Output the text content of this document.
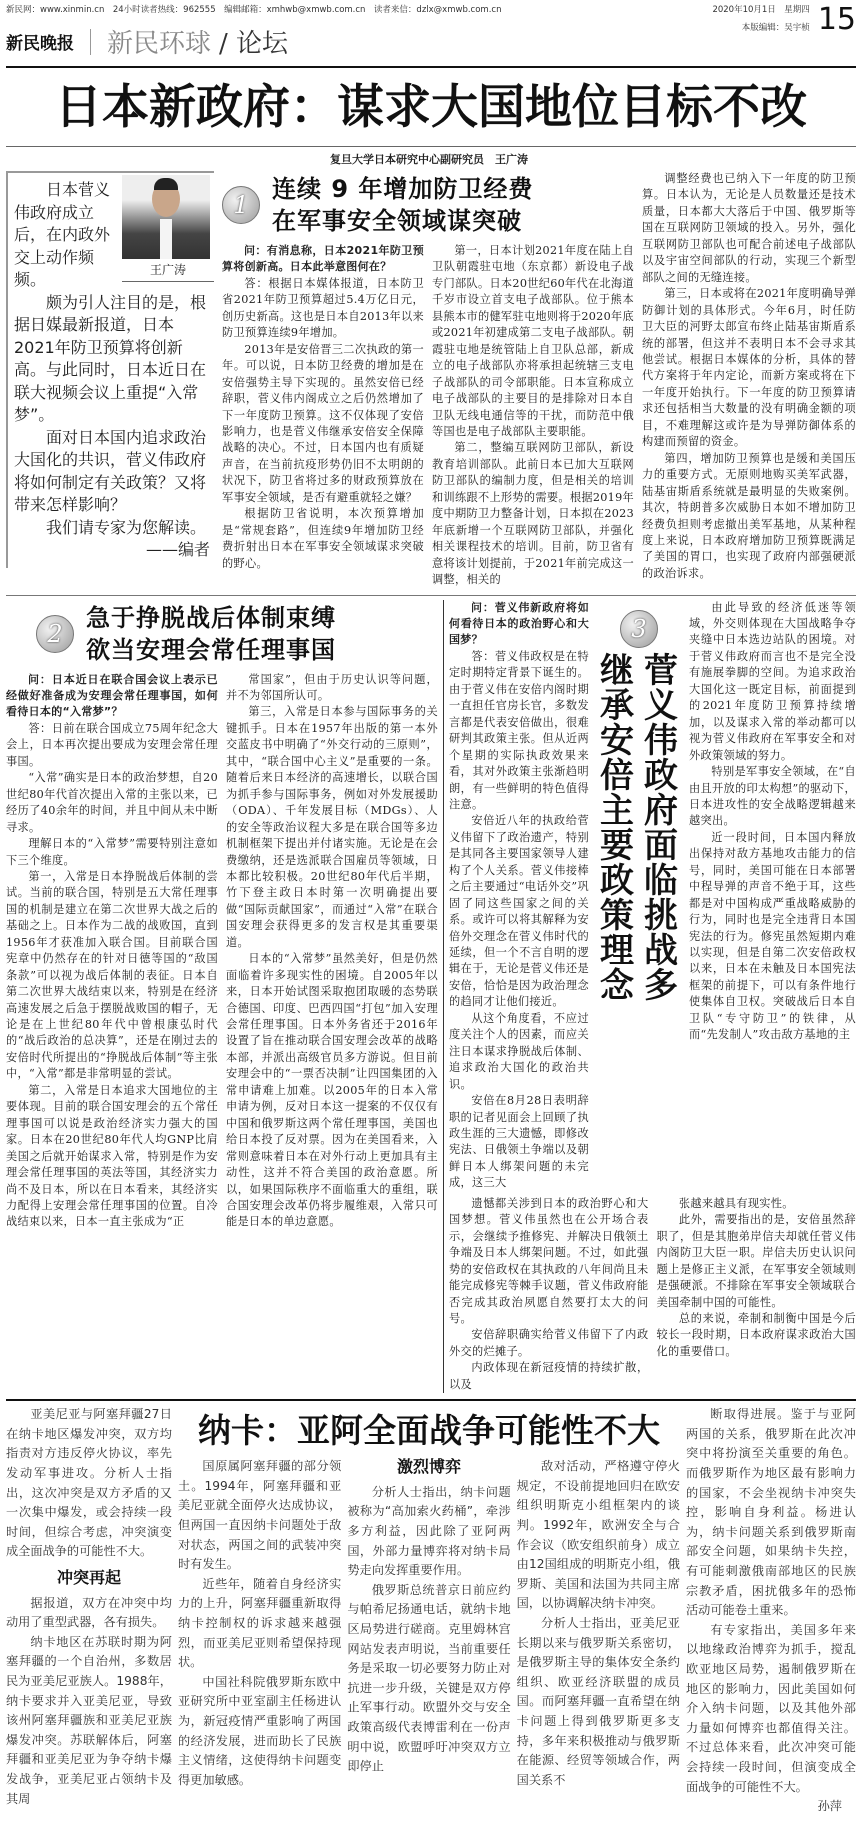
新民网：www.xinmin.cn　24小时读者热线：962555　编辑邮箱：xmhwb@xmwb.com.cn　读者来信：dzlx@xmwb.com.cn	2020年10月1日　星期四
本版编辑：吴宇桢 15
新民晚报 新民环球 / 论坛
日本新政府：谋求大国地位目标不改
复旦大学日本研究中心副研究员　王广涛
王广涛

日本菅义伟政府成立后，在内政外交上动作频频。

颇为引人注目的是，根据日媒最新报道，日本2021年防卫预算将创新高。与此同时，日本近日在联大视频会议上重提“入常梦”。

面对日本国内追求政治大国化的共识，菅义伟政府将如何制定有关政策？又将带来怎样影响？

我们请专家为您解读。

——编者
1
连续 9 年增加防卫经费
在军事安全领域谋突破

问：有消息称，日本2021年防卫预算将创新高。日本此举意图何在？

答：根据日本媒体报道，日本防卫省2021年防卫预算超过5.4万亿日元，创历史新高。这也是日本自2013年以来防卫预算连续9年增加。

2013年是安倍晋三二次执政的第一年。可以说，日本防卫经费的增加是在安倍强势主导下实现的。虽然安倍已经辞职，菅义伟内阁成立之后仍然增加了下一年度防卫预算。这不仅体现了安倍影响力，也是菅义伟继承安倍安全保障战略的决心。不过，日本国内也有质疑声音，在当前抗疫形势仍旧不太明朗的状况下，防卫省将过多的财政预算放在军事安全领域，是否有避重就轻之嫌？

根据防卫省说明，本次预算增加是“常规套路”，但连续9年增加防卫经费折射出日本在军事安全领域谋求突破的野心。

第一，日本计划2021年度在陆上自卫队朝霞驻屯地（东京都）新设电子战专门部队。日本20世纪60年代在北海道千岁市设立首支电子战部队。位于熊本县熊本市的健军驻屯地则将于2020年底或2021年初建成第二支电子战部队。朝霞驻屯地是统管陆上自卫队总部，新成立的电子战部队亦将承担起统辖三支电子战部队的司令部职能。日本宣称成立电子战部队的主要目的是排除对日本自卫队无线电通信等的干扰，而防范中俄等国也是电子战部队主要职能。

第二，整编互联网防卫部队，新设教育培训部队。此前日本已加大互联网防卫部队的编制力度，但是相关的培训和训练跟不上形势的需要。根据2019年度中期防卫力整备计划，日本拟在2023年底新增一个互联网防卫部队，并强化相关课程技术的培训。目前，防卫省有意将该计划提前，于2021年前完成这一调整，相关的

调整经费也已纳入下一年度的防卫预算。日本认为，无论是人员数量还是技术质量，日本都大大落后于中国、俄罗斯等国在互联网防卫领域的投入。另外，强化互联网防卫部队也可配合前述电子战部队以及宇宙空间部队的行动，实现三个新型部队之间的无缝连接。

第三，日本或将在2021年度明确导弹防御计划的具体形式。今年6月，时任防卫大臣的河野太郎宣布终止陆基宙斯盾系统的部署，但这并不表明日本不会寻求其他尝试。根据日本媒体的分析，具体的替代方案将于年内定论，而新方案或将在下一年度开始执行。下一年度的防卫预算请求还包括相当大数量的没有明确金额的项目，不难理解这或许是为导弹防御体系的构建而预留的资金。

第四，增加防卫预算也是缓和美国压力的重要方式。无原则地购买美军武器，陆基宙斯盾系统就是最明显的失败案例。其次，特朗普多次威胁日本如不增加防卫经费负担则考虑撤出美军基地，从某种程度上来说，日本政府增加防卫预算既满足了美国的胃口，也实现了政府内部强硬派的政治诉求。

2
急于挣脱战后体制束缚
欲当安理会常任理事国

问：日本近日在联合国会议上表示已经做好准备成为安理会常任理事国，如何看待日本的“入常梦”？

答：日前在联合国成立75周年纪念大会上，日本再次提出要成为安理会常任理事国。

“入常”确实是日本的政治梦想，自20世纪80年代首次提出入常的主张以来，已经历了40余年的时间，并且中间从未中断寻求。

理解日本的“入常梦”需要特别注意如下三个维度。

第一，入常是日本挣脱战后体制的尝试。当前的联合国，特别是五大常任理事国的机制是建立在第二次世界大战之后的基础之上。日本作为二战的战败国，直到1956年才获准加入联合国。目前联合国宪章中仍然存在的针对日德等国的“敌国条款”可以视为战后体制的表征。日本自第二次世界大战结束以来，特别是在经济高速发展之后急于摆脱战败国的帽子，无论是在上世纪80年代中曾根康弘时代的“战后政治的总决算”，还是在刚过去的安倍时代所提出的“挣脱战后体制”等主张中，“入常”都是非常明显的尝试。

第二，入常是日本追求大国地位的主要体现。目前的联合国安理会的五个常任理事国可以说是政治经济实力强大的国家。日本在20世纪80年代人均GNP比肩美国之后就开始谋求入常，特别是作为安理会常任理事国的英法等国，其经济实力尚不及日本，所以在日本看来，其经济实力配得上安理会常任理事国的位置。自冷战结束以来，日本一直主张成为“正

常国家”，但由于历史认识等问题，并不为邻国所认可。

第三，入常是日本参与国际事务的关键抓手。日本在1957年出版的第一本外交蓝皮书中明确了“外交行动的三原则”，其中，“联合国中心主义”是重要的一条。随着后来日本经济的高速增长，以联合国为抓手参与国际事务，例如对外发展援助（ODA）、千年发展目标（MDGs）、人的安全等政治议程大多是在联合国等多边机制框架下提出并付诸实施。无论是在会费缴纳，还是选派联合国雇员等领域，日本都比较积极。20世纪80年代后半期，竹下登主政日本时第一次明确提出要做“国际贡献国家”，而通过“入常”在联合国安理会获得更多的发言权是其重要渠道。

日本的“入常梦”虽然美好，但是仍然面临着许多现实性的困境。自2005年以来，日本开始试图采取抱团取暖的态势联合德国、印度、巴西四国“打包”加入安理会常任理事国。日本外务省还于2016年设置了旨在推动联合国安理会改革的战略本部，并派出高级官员多方游说。但目前安理会中的“一票否决制”让四国集团的入常申请难上加难。以2005年的日本入常申请为例，反对日本这一提案的不仅仅有中国和俄罗斯这两个常任理事国，美国也给日本投了反对票。因为在美国看来，入常则意味着日本在对外行动上更加具有主动性，这并不符合美国的政治意愿。所以，如果国际秩序不面临重大的重组，联合国安理会改革仍将步履维艰，入常只可能是日本的单边意愿。

问：菅义伟新政府将如何看待日本的政治野心和大国梦？

答：菅义伟政权是在特定时期特定背景下诞生的。由于菅义伟在安倍内阁时期一直担任官房长官，多数发言都是代表安倍做出，很难研判其政策主张。但从近两个星期的实际执政效果来看，其对外政策主张渐趋明朗，有一些鲜明的特色值得注意。

安倍近八年的执政给菅义伟留下了政治遗产，特别是其同各主要国家领导人建构了个人关系。菅义伟接棒之后主要通过“电话外交”巩固了同这些国家之间的关系。或许可以将其解释为安倍外交理念在菅义伟时代的延续，但一个不言自明的逻辑在于，无论是菅义伟还是安倍，恰恰是因为政治理念的趋同才让他们接近。

从这个角度看，不应过度关注个人的因素，而应关注日本谋求挣脱战后体制、追求政治大国化的政治共识。

安倍在8月28日表明辞职的记者见面会上回顾了执政生涯的三大遗憾，即修改宪法、日俄领土争端以及朝鲜日本人绑架问题的未完成，这三大

3
菅义伟政府面临挑战多
继承安倍主要政策理念

由此导致的经济低迷等领域，外交则体现在大国战略争夺夹缝中日本选边站队的困境。对于菅义伟政府而言也不是完全没有施展拳脚的空间。为追求政治大国化这一既定目标，前面提到的2021年度防卫预算持续增加，以及谋求入常的举动都可以视为菅义伟政府在军事安全和对外政策领域的努力。

特别是军事安全领域，在“自由且开放的印太构想”的驱动下，日本进攻性的安全战略逻辑越来越突出。

近一段时间，日本国内释放出保持对敌方基地攻击能力的信号，同时，美国可能在日本部署中程导弹的声音不绝于耳，这些都是对中国构成严重战略威胁的行为，同时也是完全违背日本国宪法的行为。修宪虽然短期内难以实现，但是自第二次安倍政权以来，日本在未触及日本国宪法框架的前提下，可以有条件地行使集体自卫权。突破战后日本自卫队“专守防卫”的铁律，从而“先发制人”攻击敌方基地的主

遗憾都关涉到日本的政治野心和大国梦想。菅义伟虽然也在公开场合表示，会继续予推修宪、并解决日俄领土争端及日本人绑架问题。不过，如此强势的安倍政权在其执政的八年间尚且未能完成修宪等棘手议题，菅义伟政府能否完成其政治夙愿自然要打太大的问号。

安倍辞职确实给菅义伟留下了内政外交的烂摊子。

内政体现在新冠疫情的持续扩散，以及

张越来越具有现实性。

此外，需要指出的是，安倍虽然辞职了，但是其胞弟岸信夫却就任菅义伟内阁防卫大臣一职。岸信夫历史认识问题上是修正主义派，在军事安全领域则是强硬派。不排除在军事安全领域联合美国牵制中国的可能性。

总的来说，牵制和制衡中国是今后较长一段时期，日本政府谋求政治大国化的重要借口。

亚美尼亚与阿塞拜疆27日在纳卡地区爆发冲突，双方均指责对方违反停火协议，率先发动军事进攻。分析人士指出，这次冲突是双方矛盾的又一次集中爆发，或会持续一段时间，但综合考虑，冲突演变成全面战争的可能性不大。

冲突再起

据报道，双方在冲突中均动用了重型武器，各有损失。

纳卡地区在苏联时期为阿塞拜疆的一个自治州，多数居民为亚美尼亚族人。1988年，纳卡要求并入亚美尼亚，导致该州阿塞拜疆族和亚美尼亚族爆发冲突。苏联解体后，阿塞拜疆和亚美尼亚为争夺纳卡爆发战争，亚美尼亚占领纳卡及其周

纳卡：亚阿全面战争可能性不大

国原属阿塞拜疆的部分领土。1994年，阿塞拜疆和亚美尼亚就全面停火达成协议，但两国一直因纳卡问题处于敌对状态，两国之间的武装冲突时有发生。

近些年，随着自身经济实力的上升，阿塞拜疆重新取得纳卡控制权的诉求越来越强烈，而亚美尼亚则希望保持现状。

中国社科院俄罗斯东欧中亚研究所中亚室副主任杨进认为，新冠疫情严重影响了两国的经济发展，进而助长了民族主义情绪，这使得纳卡问题变得更加敏感。

激烈博弈

分析人士指出，纳卡问题被称为“高加索火药桶”，牵涉多方利益，因此除了亚阿两国，外部力量博弈将对纳卡局势走向发挥重要作用。

俄罗斯总统普京日前应约与帕希尼扬通电话，就纳卡地区局势进行磋商。克里姆林宫网站发表声明说，当前重要任务是采取一切必要努力防止对抗进一步升级，关键是双方停止军事行动。欧盟外交与安全政策高级代表博雷利在一份声明中说，欧盟呼吁冲突双方立即停止

敌对活动，严格遵守停火规定，不设前提地回归在欧安组织明斯克小组框架内的谈判。1992年，欧洲安全与合作会议（欧安组织前身）成立由12国组成的明斯克小组，俄罗斯、美国和法国为共同主席国，以协调解决纳卡冲突。

分析人士指出，亚美尼亚长期以来与俄罗斯关系密切，是俄罗斯主导的集体安全条约组织、欧亚经济联盟的成员国。而阿塞拜疆一直希望在纳卡问题上得到俄罗斯更多支持，多年来积极推动与俄罗斯在能源、经贸等领域合作，两国关系不

断取得进展。鉴于与亚阿两国的关系，俄罗斯在此次冲突中将扮演至关重要的角色。而俄罗斯作为地区最有影响力的国家，不会坐视纳卡冲突失控，影响自身利益。杨进认为，纳卡问题关系到俄罗斯南部安全问题，如果纳卡失控，有可能刺激俄南部地区的民族宗教矛盾，困扰俄多年的恐怖活动可能卷土重来。

有专家指出，美国多年来以地缘政治博弈为抓手，搅乱欧亚地区局势，遏制俄罗斯在地区的影响力，因此美国如何介入纳卡问题，以及其他外部力量如何博弈也都值得关注。不过总体来看，此次冲突可能会持续一段时间，但演变成全面战争的可能性不大。

孙萍
